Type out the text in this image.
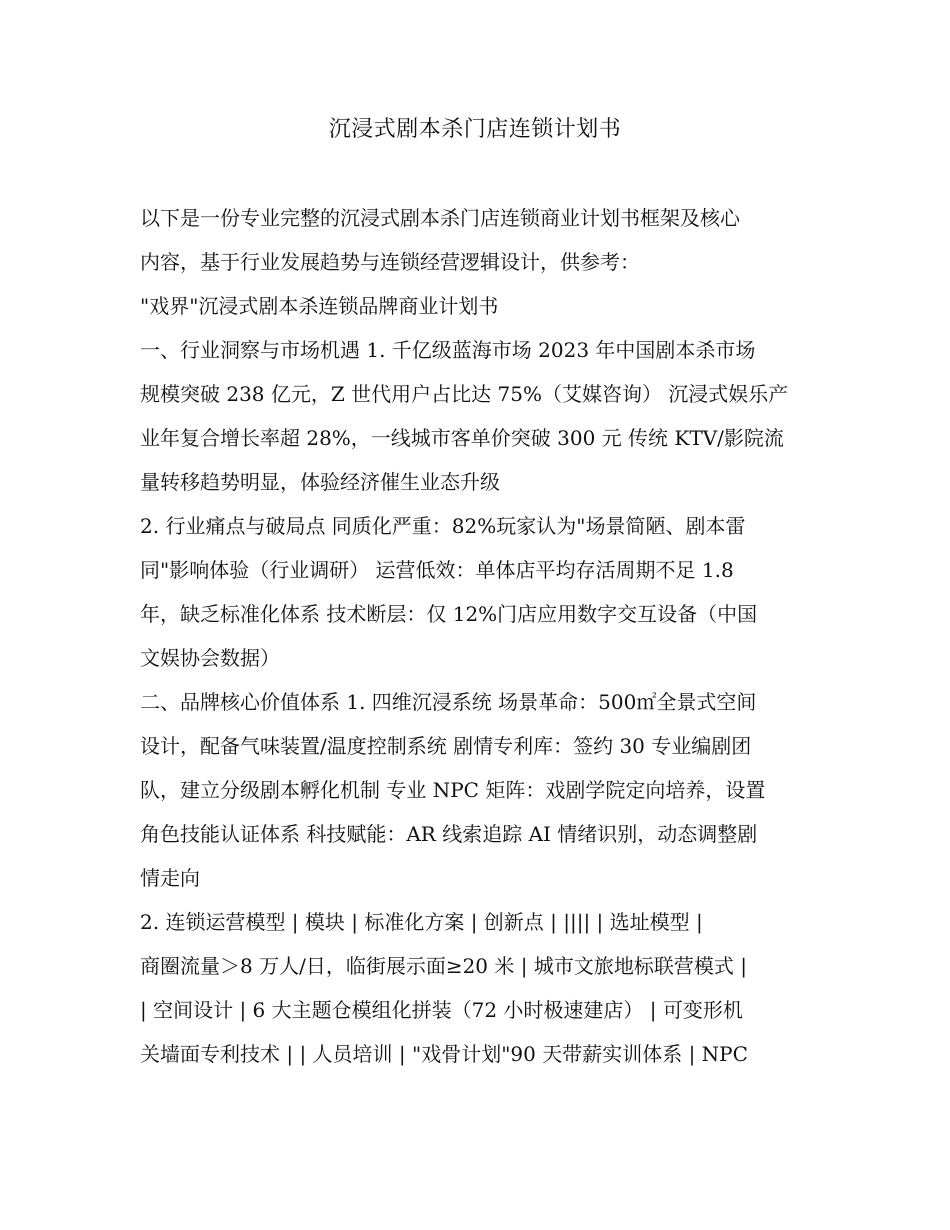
沉浸式剧本杀门店连锁计划书
以下是一份专业完整的沉浸式剧本杀门店连锁商业计划书框架及核心
内容，基于行业发展趋势与连锁经营逻辑设计，供参考：
"戏界"沉浸式剧本杀连锁品牌商业计划书
一、行业洞察与市场机遇 1. 千亿级蓝海市场 2023 年中国剧本杀市场
规模突破 238 亿元，Z 世代用户占比达 75%（艾媒咨询） 沉浸式娱乐产
业年复合增长率超 28%，一线城市客单价突破 300 元 传统 KTV/影院流
量转移趋势明显，体验经济催生业态升级
2. 行业痛点与破局点 同质化严重：82%玩家认为"场景简陋、剧本雷
同"影响体验（行业调研） 运营低效：单体店平均存活周期不足 1.8
年，缺乏标准化体系 技术断层：仅 12%门店应用数字交互设备（中国
文娱协会数据）
二、品牌核心价值体系 1. 四维沉浸系统 场景革命：500㎡全景式空间
设计，配备气味装置/温度控制系统 剧情专利库：签约 30 专业编剧团
队，建立分级剧本孵化机制 专业 NPC 矩阵：戏剧学院定向培养，设置
角色技能认证体系 科技赋能：AR 线索追踪 AI 情绪识别，动态调整剧
情走向
2. 连锁运营模型 | 模块 | 标准化方案 | 创新点 | |||| | 选址模型 |
商圈流量＞8 万人/日，临街展示面≥20 米 | 城市文旅地标联营模式 |
| 空间设计 | 6 大主题仓模组化拼装（72 小时极速建店） | 可变形机
关墙面专利技术 | | 人员培训 | "戏骨计划"90 天带薪实训体系 | NPC
